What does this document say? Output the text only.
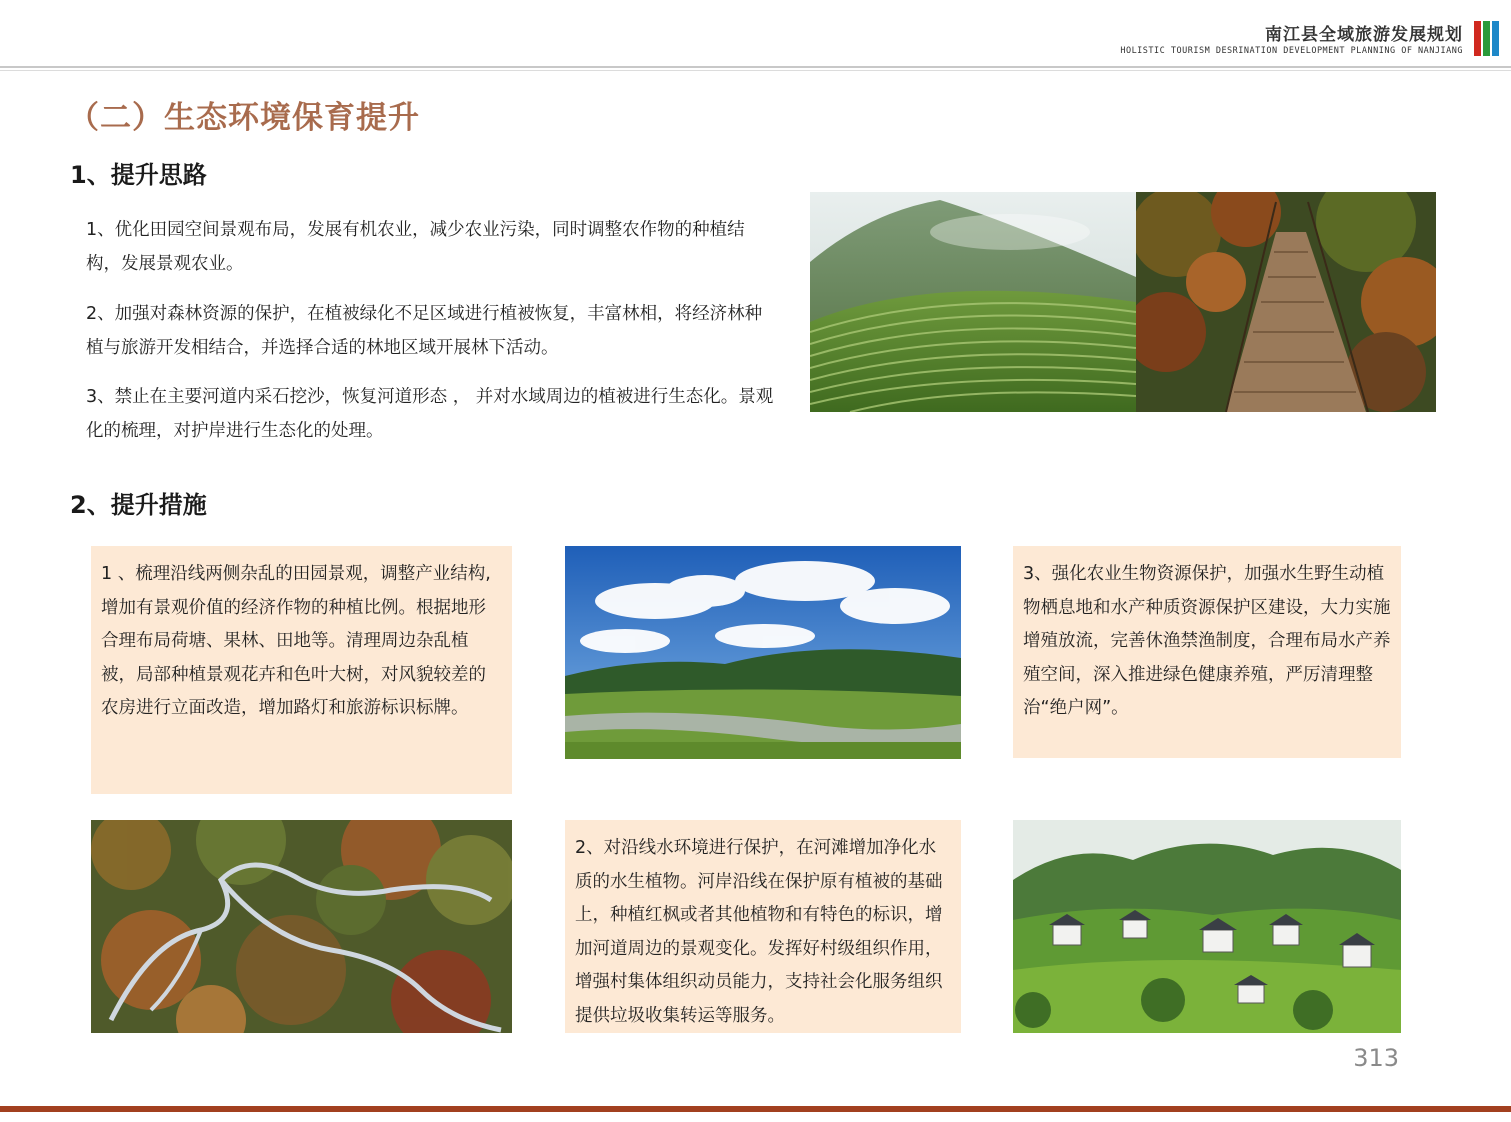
南江县全域旅游发展规划
HOLISTIC TOURISM DESRINATION DEVELOPMENT PLANNING OF NANJIANG
（二）生态环境保育提升
1、提升思路

1、优化田园空间景观布局，发展有机农业，减少农业污染，同时调整农作物的种植结构，发展景观农业。

2、加强对森林资源的保护，在植被绿化不足区域进行植被恢复，丰富林相，将经济林种植与旅游开发相结合，并选择合适的林地区域开展林下活动。

3、禁止在主要河道内采石挖沙，恢复河道形态 ， 并对水域周边的植被进行生态化。景观化的梳理，对护岸进行生态化的处理。

2、提升措施

1 、梳理沿线两侧杂乱的田园景观，调整产业结构,增加有景观价值的经济作物的种植比例。根据地形合理布局荷塘、果林、田地等。清理周边杂乱植被，局部种植景观花卉和色叶大树，对风貌较差的农房进行立面改造，增加路灯和旅游标识标牌。

3、强化农业生物资源保护，加强水生野生动植物栖息地和水产种质资源保护区建设，大力实施增殖放流，完善休渔禁渔制度，合理布局水产养殖空间，深入推进绿色健康养殖，严厉清理整治“绝户网”。

2、对沿线水环境进行保护，在河滩增加净化水质的水生植物。河岸沿线在保护原有植被的基础上，种植红枫或者其他植物和有特色的标识，增加河道周边的景观变化。发挥好村级组织作用，增强村集体组织动员能力，支持社会化服务组织提供垃圾收集转运等服务。

313
